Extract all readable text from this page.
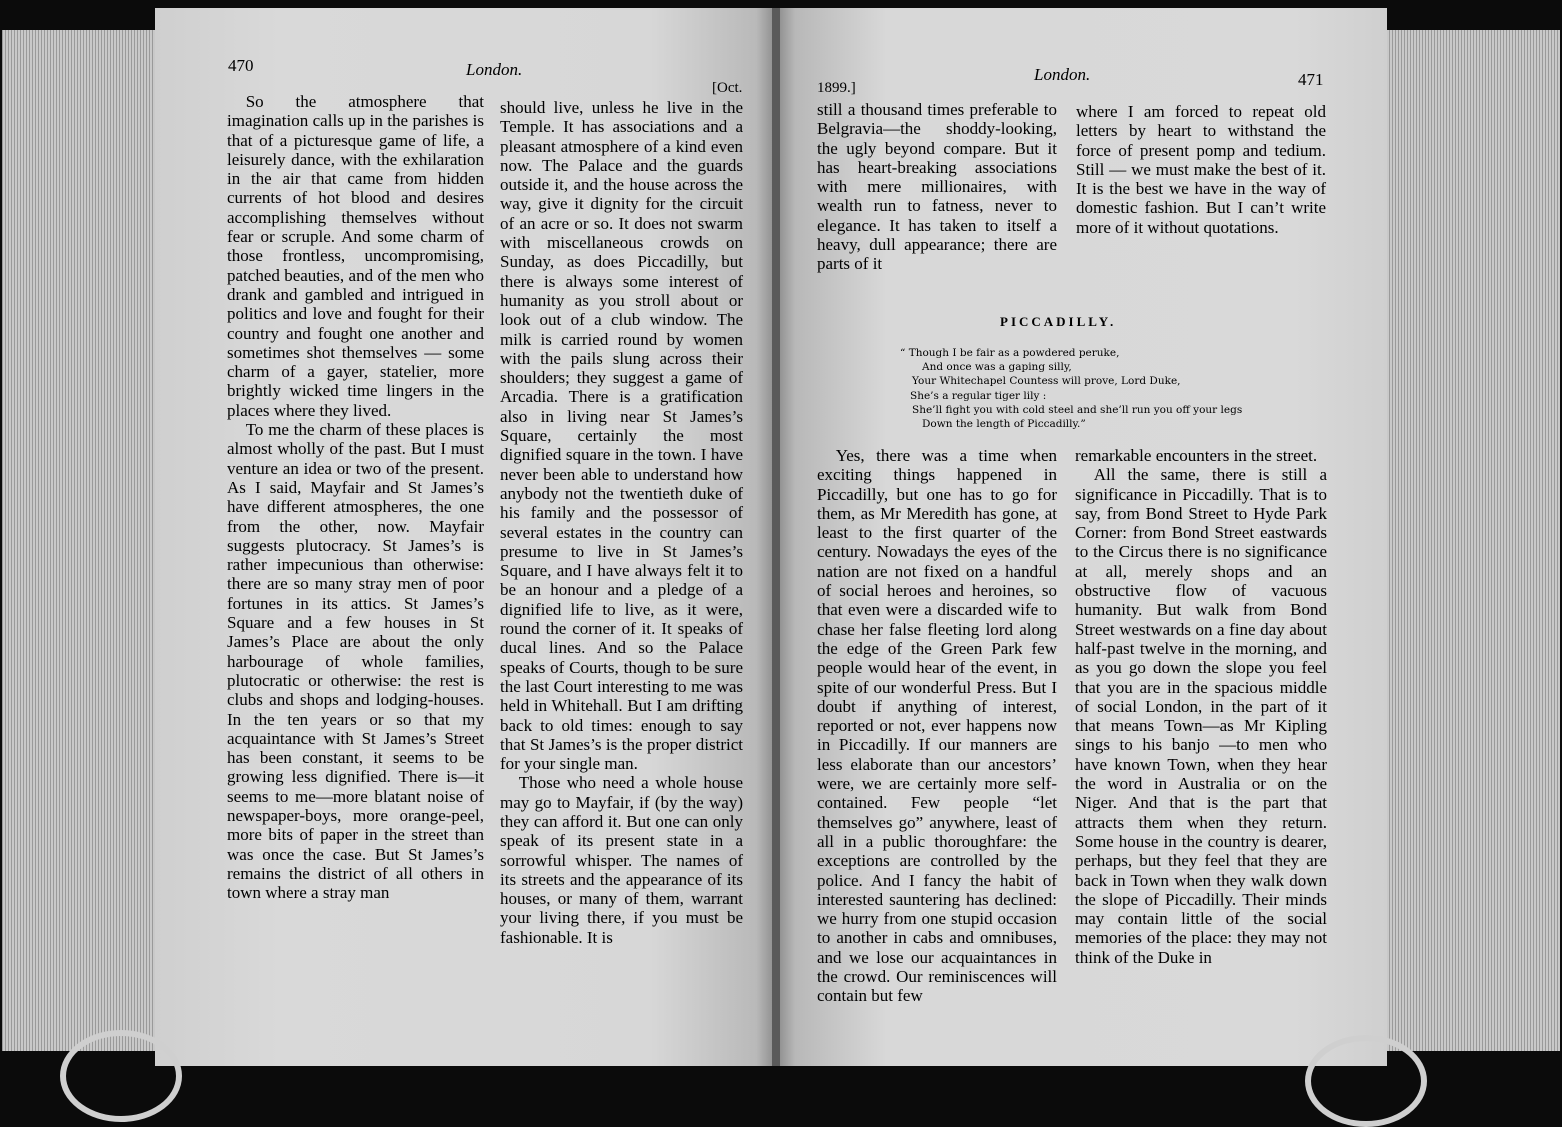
470	London.
[Oct.

So the atmosphere that imagination calls up in the parishes is that of a picturesque game of life, a leisurely dance, with the exhilaration in the air that came from hidden currents of hot blood and desires accomplishing themselves without fear or scruple. And some charm of those frontless, uncompromising, patched beauties, and of the men who drank and gambled and intrigued in politics and love and fought for their country and fought one another and sometimes shot themselves — some charm of a gayer, statelier, more brightly wicked time lingers in the places where they lived.

To me the charm of these places is almost wholly of the past. But I must venture an idea or two of the present. As I said, Mayfair and St James’s have different atmospheres, the one from the other, now. Mayfair suggests plutocracy. St James’s is rather impecunious than otherwise: there are so many stray men of poor fortunes in its attics. St James’s Square and a few houses in St James’s Place are about the only harbourage of whole families, plutocratic or otherwise: the rest is clubs and shops and lodging-houses. In the ten years or so that my acquaintance with St James’s Street has been constant, it seems to be growing less dignified. There is—it seems to me—more blatant noise of newspaper-boys, more orange-peel, more bits of paper in the street than was once the case. But St James’s remains the district of all others in town where a stray man

should live, unless he live in the Temple. It has associations and a pleasant atmosphere of a kind even now. The Palace and the guards outside it, and the house across the way, give it dignity for the circuit of an acre or so. It does not swarm with miscellaneous crowds on Sunday, as does Piccadilly, but there is always some interest of humanity as you stroll about or look out of a club window. The milk is carried round by women with the pails slung across their shoulders; they suggest a game of Arcadia. There is a gratification also in living near St James’s Square, certainly the most dignified square in the town. I have never been able to understand how anybody not the twentieth duke of his family and the possessor of several estates in the country can presume to live in St James’s Square, and I have always felt it to be an honour and a pledge of a dignified life to live, as it were, round the corner of it. It speaks of ducal lines. And so the Palace speaks of Courts, though to be sure the last Court interesting to me was held in Whitehall. But I am drifting back to old times: enough to say that St James’s is the proper district for your single man.

Those who need a whole house may go to Mayfair, if (by the way) they can afford it. But one can only speak of its present state in a sorrowful whisper. The names of its streets and the appearance of its houses, or many of them, warrant your living there, if you must be fashionable. It is

1899.]
London.	471

still a thousand times preferable to Belgravia—the shoddy-looking, the ugly beyond compare. But it has heart-breaking associations with mere millionaires, with wealth run to fatness, never to elegance. It has taken to itself a heavy, dull appearance; there are parts of it

where I am forced to repeat old letters by heart to withstand the force of present pomp and tedium. Still — we must make the best of it. It is the best we have in the way of domestic fashion. But I can’t write more of it without quotations.

PICCADILLY.
“ Though I be fair as a powdered peruke,
And once was a gaping silly,
Your Whitechapel Countess will prove, Lord Duke,
She’s a regular tiger lily :
She’ll fight you with cold steel and she’ll run you off your legs
Down the length of Piccadilly.”

Yes, there was a time when exciting things happened in Piccadilly, but one has to go for them, as Mr Meredith has gone, at least to the first quarter of the century. Nowadays the eyes of the nation are not fixed on a handful of social heroes and heroines, so that even were a discarded wife to chase her false fleeting lord along the edge of the Green Park few people would hear of the event, in spite of our wonderful Press. But I doubt if anything of interest, reported or not, ever happens now in Piccadilly. If our manners are less elaborate than our ancestors’ were, we are certainly more self-contained. Few people “let themselves go” anywhere, least of all in a public thoroughfare: the exceptions are controlled by the police. And I fancy the habit of interested sauntering has declined: we hurry from one stupid occasion to another in cabs and omnibuses, and we lose our acquaintances in the crowd. Our reminiscences will contain but few

remarkable encounters in the street.

All the same, there is still a significance in Piccadilly. That is to say, from Bond Street to Hyde Park Corner: from Bond Street eastwards to the Circus there is no significance at all, merely shops and an obstructive flow of vacuous humanity. But walk from Bond Street westwards on a fine day about half-past twelve in the morning, and as you go down the slope you feel that you are in the spacious middle of social London, in the part of it that means Town—as Mr Kipling sings to his banjo —to men who have known Town, when they hear the word in Australia or on the Niger. And that is the part that attracts them when they return. Some house in the country is dearer, perhaps, but they feel that they are back in Town when they walk down the slope of Piccadilly. Their minds may contain little of the social memories of the place: they may not think of the Duke in
